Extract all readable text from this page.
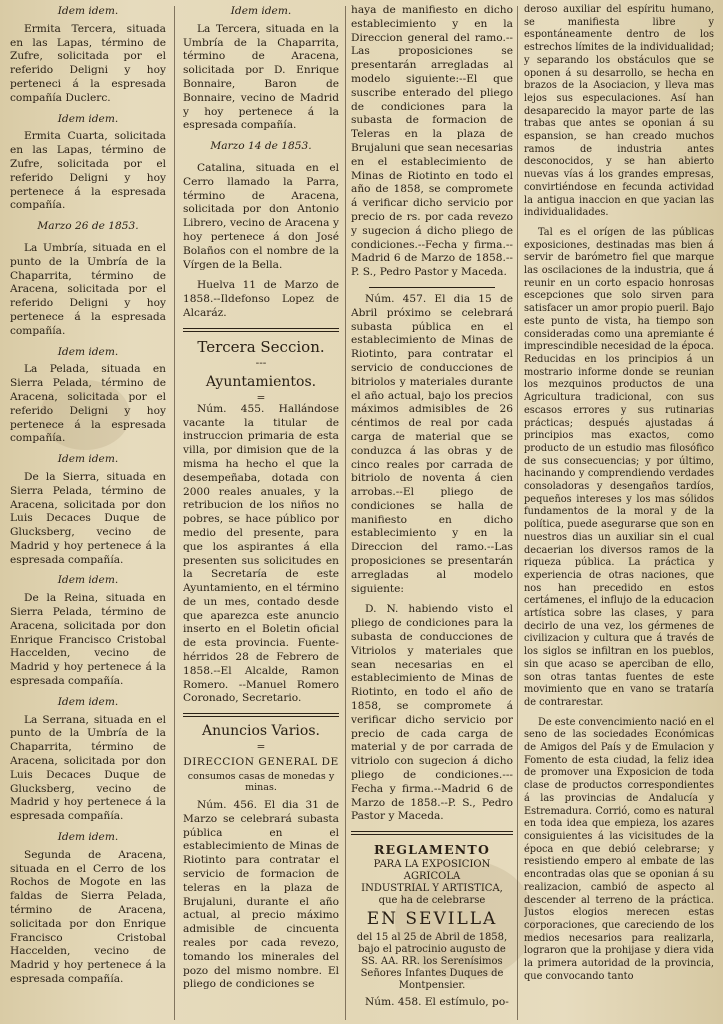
Idem idem.

Ermita Tercera, situada en las Lapas, término de Zufre, solicitada por el referido Deligni y hoy perteneci á la espresada compañía Duclerc.

Idem idem.

Ermita Cuarta, solicitada en las Lapas, término de Zufre, solicitada por el referido Deligni y hoy pertenece á la espresada compañía.

Marzo 26 de 1853.

La Umbría, situada en el punto de la Umbría de la Chaparrita, término de Aracena, solicitada por el referido Deligni y hoy pertenece á la espresada compañía.

Idem idem.

La Pelada, situada en Sierra Pelada, término de Aracena, solicitada por el referido Deligni y hoy pertenece á la espresada compañía.

Idem idem.

De la Sierra, situada en Sierra Pelada, término de Aracena, solicitada por don Luis Decaces Duque de Glucksberg, vecino de Madrid y hoy pertenece á la espresada compañía.

Idem idem.

De la Reina, situada en Sierra Pelada, término de Aracena, solicitada por don Enrique Francisco Cristobal Haccelden, vecino de Madrid y hoy pertenece á la espresada compañía.

Idem idem.

La Serrana, situada en el punto de la Umbría de la Chaparrita, término de Aracena, solicitada por don Luis Decaces Duque de Glucksberg, vecino de Madrid y hoy pertenece á la espresada compañía.

Idem idem.

Segunda de Aracena, situada en el Cerro de los Rochos de Mogote en las faldas de Sierra Pelada, término de Aracena, solicitada por don Enrique Francisco Cristobal Haccelden, vecino de Madrid y hoy pertenece á la espresada compañía.

Idem idem.

La Tercera, situada en la Umbría de la Chaparrita, término de Aracena, solicitada por D. Enrique Bonnaire, Baron de Bonnaire, vecino de Madrid y hoy pertenece á la espresada compañía.

Marzo 14 de 1853.

Catalina, situada en el Cerro llamado la Parra, término de Aracena, solicitada por don Antonio Librero, vecino de Aracena y hoy pertenece á don José Bolaños con el nombre de la Vírgen de la Bella.

Huelva 11 de Marzo de 1858.--Ildefonso Lopez de Alcaráz.

Tercera Seccion.
---
Ayuntamientos.
=

Núm. 455. Hallándose vacante la titular de instruccion primaria de esta villa, por dimision que de la misma ha hecho el que la desempeñaba, dotada con 2000 reales anuales, y la retribucion de los niños no pobres, se hace público por medio del presente, para que los aspirantes á ella presenten sus solicitudes en la Secretaría de este Ayuntamiento, en el término de un mes, contado desde que aparezca este anuncio inserto en el Boletin oficial de esta provincia. Fuente-hérridos 28 de Febrero de 1858.--El Alcalde, Ramon Romero. --Manuel Romero Coronado, Secretario.

Anuncios Varios.
=
DIRECCION GENERAL DE
consumos casas de monedas y minas.

Núm. 456. El dia 31 de Marzo se celebrará subasta pública en el establecimiento de Minas de Riotinto para contratar el servicio de formacion de teleras en la plaza de Brujaluni, durante el año actual, al precio máximo admisible de cincuenta reales por cada revezo, tomando los minerales del pozo del mismo nombre. El pliego de condiciones se

haya de manifiesto en dicho establecimiento y en la Direccion general del ramo.--Las proposiciones se presentarán arregladas al modelo siguiente:--El que suscribe enterado del pliego de condiciones para la subasta de formacion de Teleras en la plaza de Brujaluni que sean necesarias en el establecimiento de Minas de Riotinto en todo el año de 1858, se compromete á verificar dicho servicio por precio de rs. por cada revezo y sugecion á dicho pliego de condiciones.--Fecha y firma.--Madrid 6 de Marzo de 1858.--P. S., Pedro Pastor y Maceda.

Núm. 457. El dia 15 de Abril próximo se celebrará subasta pública en el establecimiento de Minas de Riotinto, para contratar el servicio de conducciones de bitriolos y materiales durante el año actual, bajo los precios máximos admisibles de 26 céntimos de real por cada carga de material que se conduzca á las obras y de cinco reales por carrada de bitriolo de noventa á cien arrobas.--El pliego de condiciones se halla de manifiesto en dicho establecimiento y en la Direccion del ramo.--Las proposiciones se presentarán arregladas al modelo siguiente:

D. N. habiendo visto el pliego de condiciones para la subasta de conducciones de Vitriolos y materiales que sean necesarias en el establecimiento de Minas de Riotinto, en todo el año de 1858, se compromete á verificar dicho servicio por precio de cada carga de material y de por carrada de vitriolo con sugecion á dicho pliego de condiciones.---Fecha y firma.--Madrid 6 de Marzo de 1858.--P. S., Pedro Pastor y Maceda.

REGLAMENTO
PARA LA EXPOSICION AGRICOLA
INDUSTRIAL Y ARTISTICA,
que ha de celebrarse
EN SEVILLA
del 15 al 25 de Abril de 1858, bajo el patrocinio augusto de SS. AA. RR. los Serenísimos Señores Infantes Duques de Montpensier.

Núm. 458. El estímulo, po-

deroso auxiliar del espíritu humano, se manifiesta libre y espontáneamente dentro de los estrechos límites de la individualidad; y separando los obstáculos que se oponen á su desarrollo, se hecha en brazos de la Asociacion, y lleva mas lejos sus especulaciones. Así han desaparecido la mayor parte de las trabas que antes se oponian á su espansion, se han creado muchos ramos de industria antes desconocidos, y se han abierto nuevas vías á los grandes empresas, convirtiéndose en fecunda actividad la antigua inaccion en que yacian las individualidades.

Tal es el orígen de las públicas exposiciones, destinadas mas bien á servir de barómetro fiel que marque las oscilaciones de la industria, que á reunir en un corto espacio honrosas escepciones que solo sirven para satisfacer un amor propio pueril. Bajo este punto de vista, ha tiempo son consideradas como una apremiante é imprescindible necesidad de la época. Reducidas en los principios á un mostrario informe donde se reunian los mezquinos productos de una Agricultura tradicional, con sus escasos errores y sus rutinarias prácticas; después ajustadas á principios mas exactos, como producto de un estudio mas filosófico de sus consecuencias; y por último, hacinando y comprendiendo verdades consoladoras y desengaños tardíos, pequeños intereses y los mas sólidos fundamentos de la moral y de la política, puede asegurarse que son en nuestros dias un auxiliar sin el cual decaerian los diversos ramos de la riqueza pública. La práctica y experiencia de otras naciones, que nos han precedido en estos certámenes, el influjo de la educacion artística sobre las clases, y para decirlo de una vez, los gérmenes de civilizacion y cultura que á través de los siglos se infiltran en los pueblos, sin que acaso se aperciban de ello, son otras tantas fuentes de este movimiento que en vano se trataría de contrarestar.

De este convencimiento nació en el seno de las sociedades Económicas de Amigos del País y de Emulacion y Fomento de esta ciudad, la feliz idea de promover una Exposicion de toda clase de productos correspondientes á las provincias de Andalucía y Estremadura. Corrió, como es natural en toda idea que empieza, los azares consiguientes á las vicisitudes de la época en que debió celebrarse; y resistiendo empero al embate de las encontradas olas que se oponian á su realizacion, cambió de aspecto al descender al terreno de la práctica. Justos elogios merecen estas corporaciones, que careciendo de los medios necesarios para realizarla, lograron que la prohijase y diera vida la primera autoridad de la provincia, que convocando tanto
